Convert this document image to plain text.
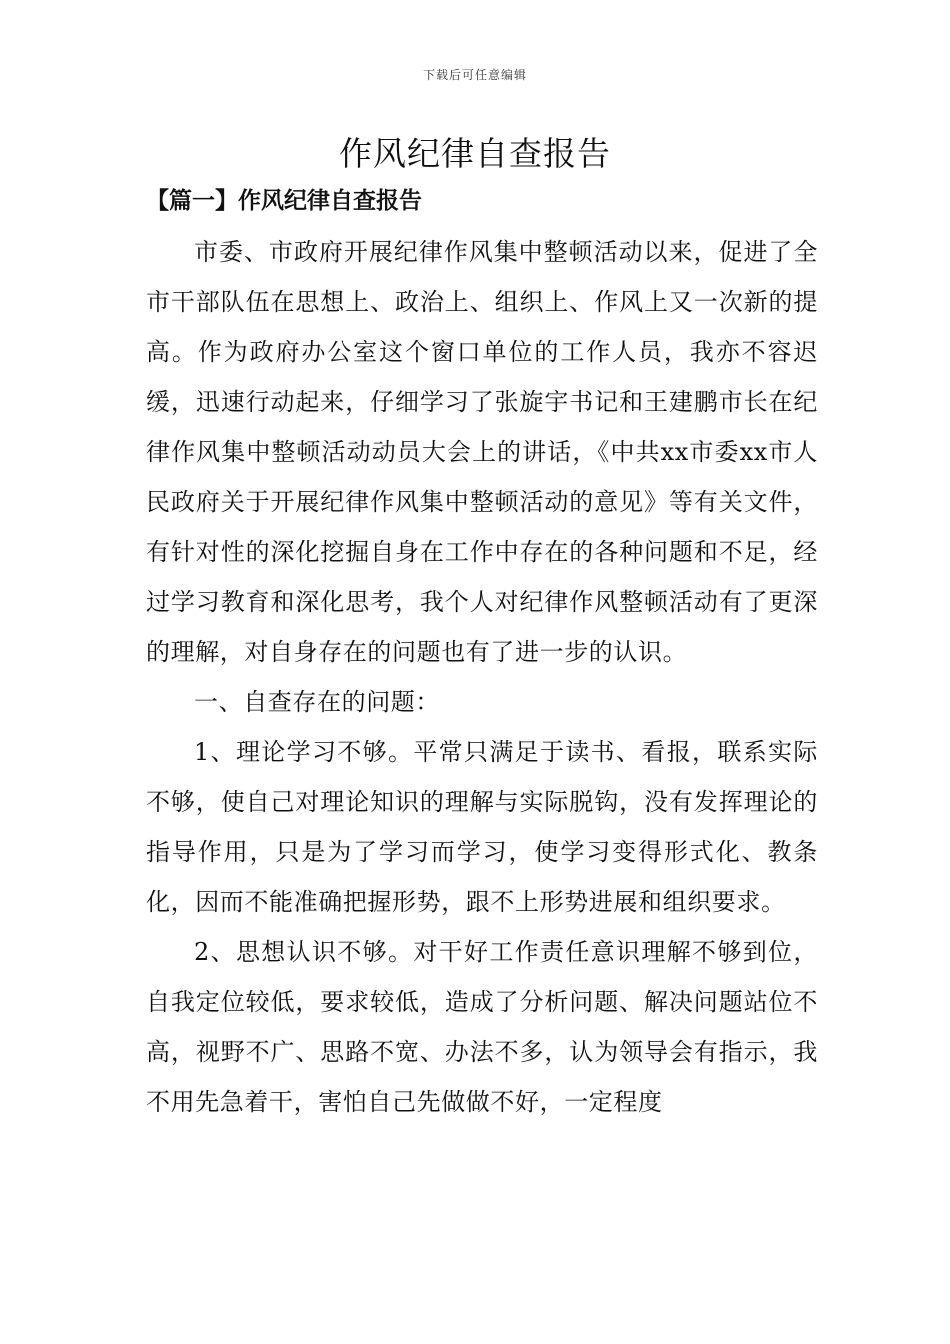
下载后可任意编辑
作风纪律自查报告
【篇一】作风纪律自查报告

市委、市政府开展纪律作风集中整顿活动以来，促进了全市干部队伍在思想上、政治上、组织上、作风上又一次新的提高。作为政府办公室这个窗口单位的工作人员，我亦不容迟缓，迅速行动起来，仔细学习了张旋宇书记和王建鹏市长在纪律作风集中整顿活动动员大会上的讲话，《中共xx市委xx市人民政府关于开展纪律作风集中整顿活动的意见》等有关文件，有针对性的深化挖掘自身在工作中存在的各种问题和不足，经过学习教育和深化思考，我个人对纪律作风整顿活动有了更深的理解，对自身存在的问题也有了进一步的认识。

一、自查存在的问题：

1、理论学习不够。平常只满足于读书、看报，联系实际不够，使自己对理论知识的理解与实际脱钩，没有发挥理论的指导作用，只是为了学习而学习，使学习变得形式化、教条化，因而不能准确把握形势，跟不上形势进展和组织要求。

2、思想认识不够。对干好工作责任意识理解不够到位，自我定位较低，要求较低，造成了分析问题、解决问题站位不高，视野不广、思路不宽、办法不多，认为领导会有指示，我不用先急着干，害怕自己先做做不好，一定程度
